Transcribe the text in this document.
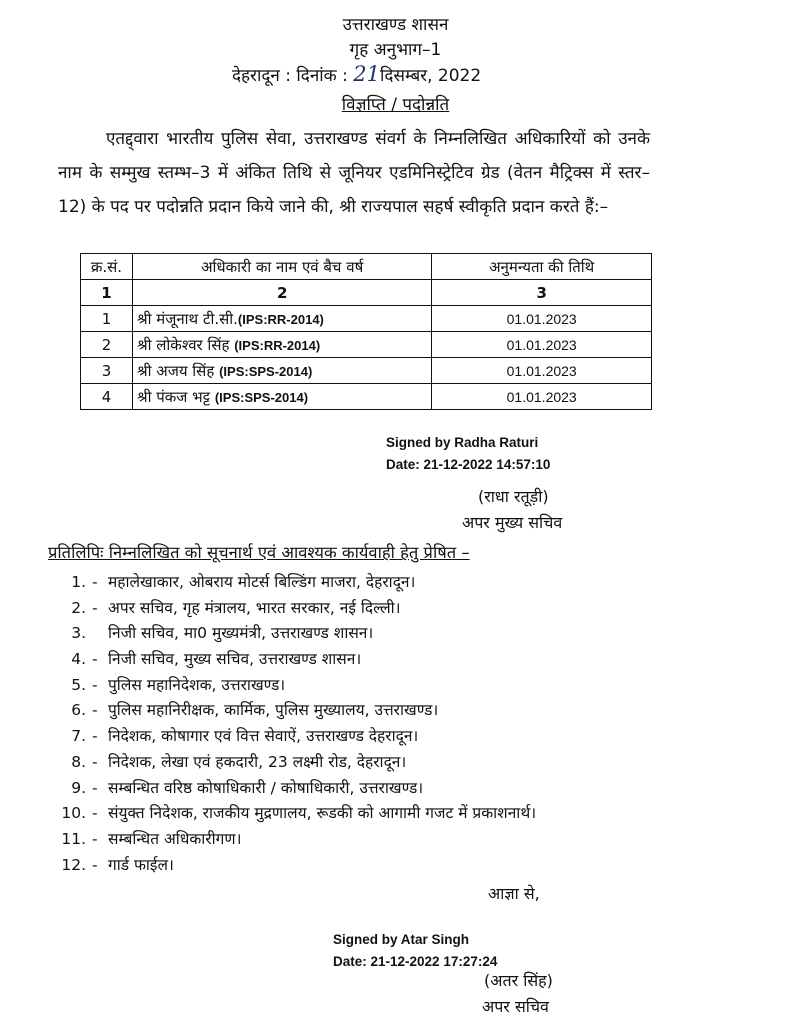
उत्तराखण्ड शासन
गृह अनुभाग–1
देहरादून : दिनांक : 21दिसम्बर, 2022
विज्ञप्ति / पदोन्नति
एतद्द्वारा भारतीय पुलिस सेवा, उत्तराखण्ड संवर्ग के निम्नलिखित अधिकारियों को उनके नाम के सम्मुख स्तम्भ–3 में अंकित तिथि से जूनियर एडमिनिस्ट्रेटिव ग्रेड (वेतन मैट्रिक्स में स्तर–12) के पद पर पदोन्नति प्रदान किये जाने की, श्री राज्यपाल सहर्ष स्वीकृति प्रदान करते हैं:–
क्र.सं.	अधिकारी का नाम एवं बैच वर्ष	अनुमन्यता की तिथि
1	2	3
1	श्री मंजूनाथ टी.सी.(IPS:RR-2014)	01.01.2023
2	श्री लोकेश्वर सिंह (IPS:RR-2014)	01.01.2023
3	श्री अजय सिंह (IPS:SPS-2014)	01.01.2023
4	श्री पंकज भट्ट (IPS:SPS-2014)	01.01.2023
Signed by Radha Raturi
Date: 21-12-2022 14:57:10
(राधा रतूड़ी)
अपर मुख्य सचिव
प्रतिलिपिः निम्नलिखित को सूचनार्थ एवं आवश्यक कार्यवाही हेतु प्रेषित –
1. - महालेखाकार, ओबराय मोटर्स बिल्डिंग माजरा, देहरादून।
2. - अपर सचिव, गृह मंत्रालय, भारत सरकार, नई दिल्ली।
3. निजी सचिव, मा0 मुख्यमंत्री, उत्तराखण्ड शासन।
4. - निजी सचिव, मुख्य सचिव, उत्तराखण्ड शासन।
5. - पुलिस महानिदेशक, उत्तराखण्ड।
6. - पुलिस महानिरीक्षक, कार्मिक, पुलिस मुख्यालय, उत्तराखण्ड।
7. - निदेशक, कोषागार एवं वित्त सेवाऐं, उत्तराखण्ड देहरादून।
8. - निदेशक, लेखा एवं हकदारी, 23 लक्ष्मी रोड, देहरादून।
9. - सम्बन्धित वरिष्ठ कोषाधिकारी / कोषाधिकारी, उत्तराखण्ड।
10. - संयुक्त निदेशक, राजकीय मुद्रणालय, रूडकी को आगामी गजट में प्रकाशनार्थ।
11. - सम्बन्धित अधिकारीगण।
12. - गार्ड फाईल।
आज्ञा से,
Signed by Atar Singh
Date: 21-12-2022 17:27:24
(अतर सिंह)
अपर सचिव
